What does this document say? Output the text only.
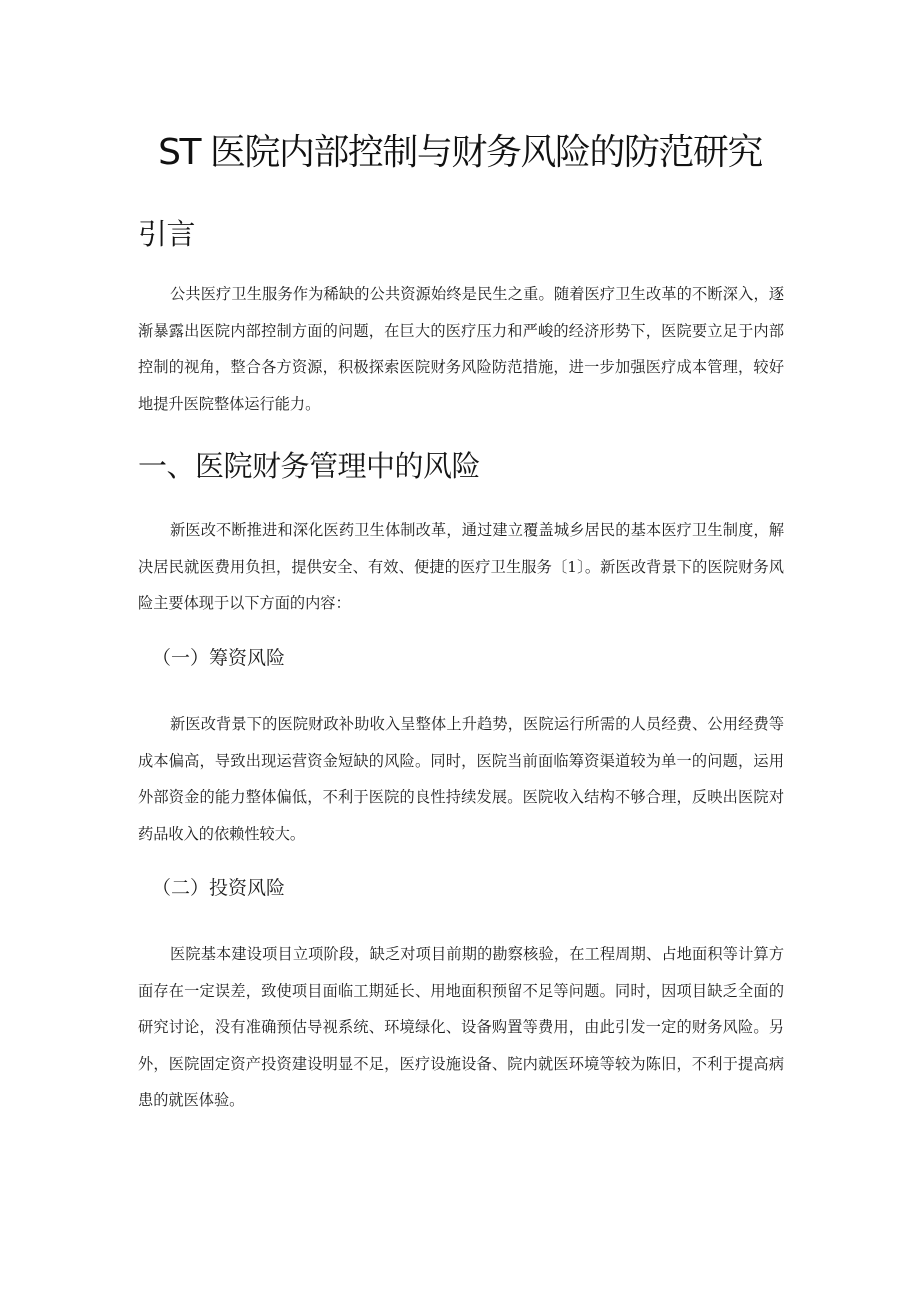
ST 医院内部控制与财务风险的防范研究
引言

公共医疗卫生服务作为稀缺的公共资源始终是民生之重。随着医疗卫生改革的不断深入，逐渐暴露出医院内部控制方面的问题，在巨大的医疗压力和严峻的经济形势下，医院要立足于内部控制的视角，整合各方资源，积极探索医院财务风险防范措施，进一步加强医疗成本管理，较好地提升医院整体运行能力。

一、医院财务管理中的风险

新医改不断推进和深化医药卫生体制改革，通过建立覆盖城乡居民的基本医疗卫生制度，解决居民就医费用负担，提供安全、有效、便捷的医疗卫生服务〔1〕。新医改背景下的医院财务风险主要体现于以下方面的内容：

（一）筹资风险

新医改背景下的医院财政补助收入呈整体上升趋势，医院运行所需的人员经费、公用经费等成本偏高，导致出现运营资金短缺的风险。同时，医院当前面临筹资渠道较为单一的问题，运用外部资金的能力整体偏低，不利于医院的良性持续发展。医院收入结构不够合理，反映出医院对药品收入的依赖性较大。

（二）投资风险

医院基本建设项目立项阶段，缺乏对项目前期的勘察核验，在工程周期、占地面积等计算方面存在一定误差，致使项目面临工期延长、用地面积预留不足等问题。同时，因项目缺乏全面的研究讨论，没有准确预估导视系统、环境绿化、设备购置等费用，由此引发一定的财务风险。另外，医院固定资产投资建设明显不足，医疗设施设备、院内就医环境等较为陈旧，不利于提高病患的就医体验。
